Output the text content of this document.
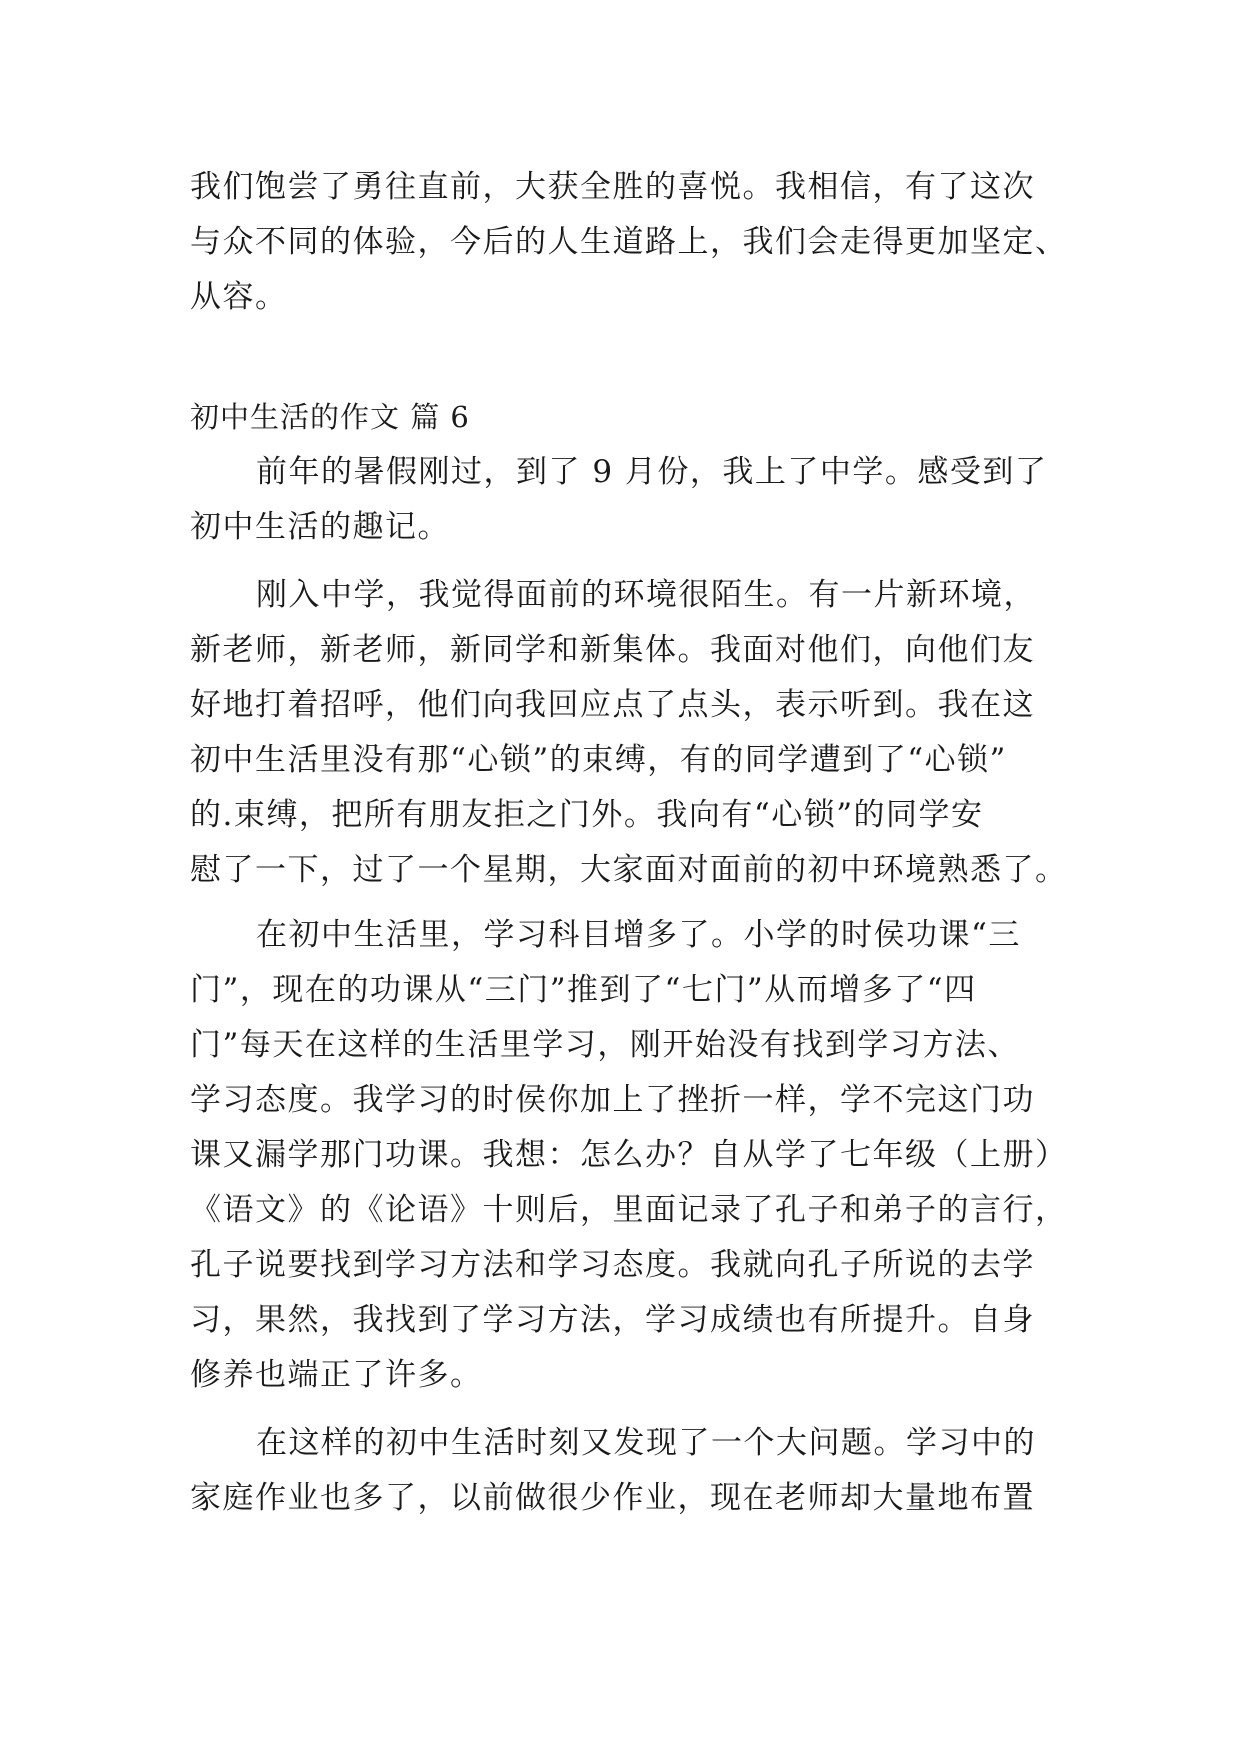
我们饱尝了勇往直前，大获全胜的喜悦。我相信，有了这次
与众不同的体验，今后的人生道路上，我们会走得更加坚定、
从容。
初中生活的作文 篇 6
前年的暑假刚过，到了 9 月份，我上了中学。感受到了
初中生活的趣记。
刚入中学，我觉得面前的环境很陌生。有一片新环境，
新老师，新老师，新同学和新集体。我面对他们，向他们友
好地打着招呼，他们向我回应点了点头，表示听到。我在这
初中生活里没有那“心锁”的束缚，有的同学遭到了“心锁”
的.束缚，把所有朋友拒之门外。我向有“心锁”的同学安
慰了一下，过了一个星期，大家面对面前的初中环境熟悉了。
在初中生活里，学习科目增多了。小学的时侯功课“三
门”，现在的功课从“三门”推到了“七门”从而增多了“四
门”每天在这样的生活里学习，刚开始没有找到学习方法、
学习态度。我学习的时侯你加上了挫折一样，学不完这门功
课又漏学那门功课。我想：怎么办？自从学了七年级（上册）
《语文》的《论语》十则后，里面记录了孔子和弟子的言行，
孔子说要找到学习方法和学习态度。我就向孔子所说的去学
习，果然，我找到了学习方法，学习成绩也有所提升。自身
修养也端正了许多。
在这样的初中生活时刻又发现了一个大问题。学习中的
家庭作业也多了，以前做很少作业，现在老师却大量地布置
